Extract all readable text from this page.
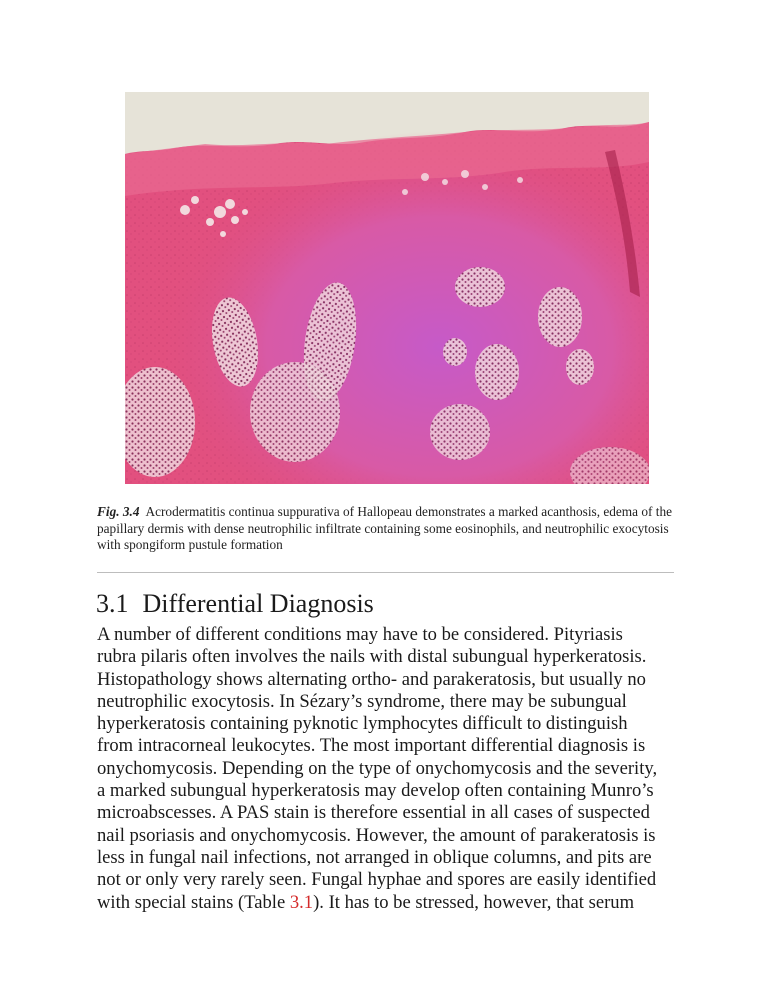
Fig. 3.4 Acrodermatitis continua suppurativa of Hallopeau demonstrates a marked acanthosis, edema of the papillary dermis with dense neutrophilic infiltrate containing some eosinophils, and neutrophilic exocytosis with spongiform pustule formation
3.1 Differential Diagnosis

A number of different conditions may have to be considered. Pityriasis
rubra pilaris often involves the nails with distal subungual hyperkeratosis.
Histopathology shows alternating ortho- and parakeratosis, but usually no
neutrophilic exocytosis. In Sézary’s syndrome, there may be subungual
hyperkeratosis containing pyknotic lymphocytes difficult to distinguish
from intracorneal leukocytes. The most important differential diagnosis is
onychomycosis. Depending on the type of onychomycosis and the severity,
a marked subungual hyperkeratosis may develop often containing Munro’s
microabscesses. A PAS stain is therefore essential in all cases of suspected
nail psoriasis and onychomycosis. However, the amount of parakeratosis is
less in fungal nail infections, not arranged in oblique columns, and pits are
not or only very rarely seen. Fungal hyphae and spores are easily identified
with special stains (Table 3.1). It has to be stressed, however, that serum
